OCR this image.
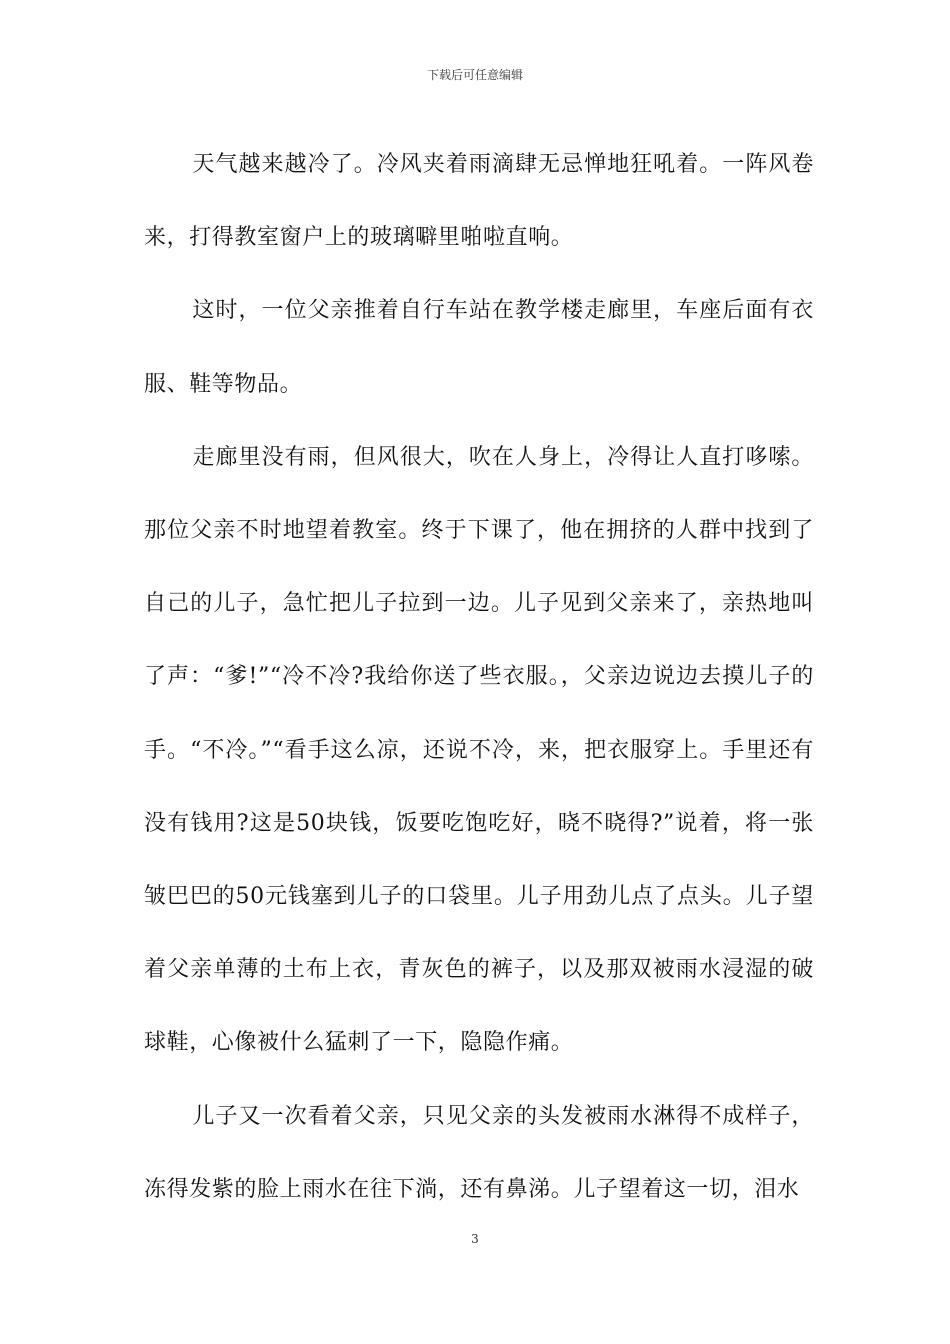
下载后可任意编辑

天气越来越冷了。冷风夹着雨滴肆无忌惮地狂吼着。一阵风卷来，打得教室窗户上的玻璃噼里啪啦直响。

这时，一位父亲推着自行车站在教学楼走廊里，车座后面有衣服、鞋等物品。

走廊里没有雨，但风很大，吹在人身上，冷得让人直打哆嗦。那位父亲不时地望着教室。终于下课了，他在拥挤的人群中找到了自己的儿子，急忙把儿子拉到一边。儿子见到父亲来了，亲热地叫了声：“爹!”“冷不冷?我给你送了些衣服。，父亲边说边去摸儿子的手。“不冷。”“看手这么凉，还说不冷，来，把衣服穿上。手里还有没有钱用?这是50块钱，饭要吃饱吃好，晓不晓得?”说着，将一张皱巴巴的50元钱塞到儿子的口袋里。儿子用劲儿点了点头。儿子望着父亲单薄的土布上衣，青灰色的裤子，以及那双被雨水浸湿的破球鞋，心像被什么猛刺了一下，隐隐作痛。

儿子又一次看着父亲，只见父亲的头发被雨水淋得不成样子，冻得发紫的脸上雨水在往下淌，还有鼻涕。儿子望着这一切，泪水

3
